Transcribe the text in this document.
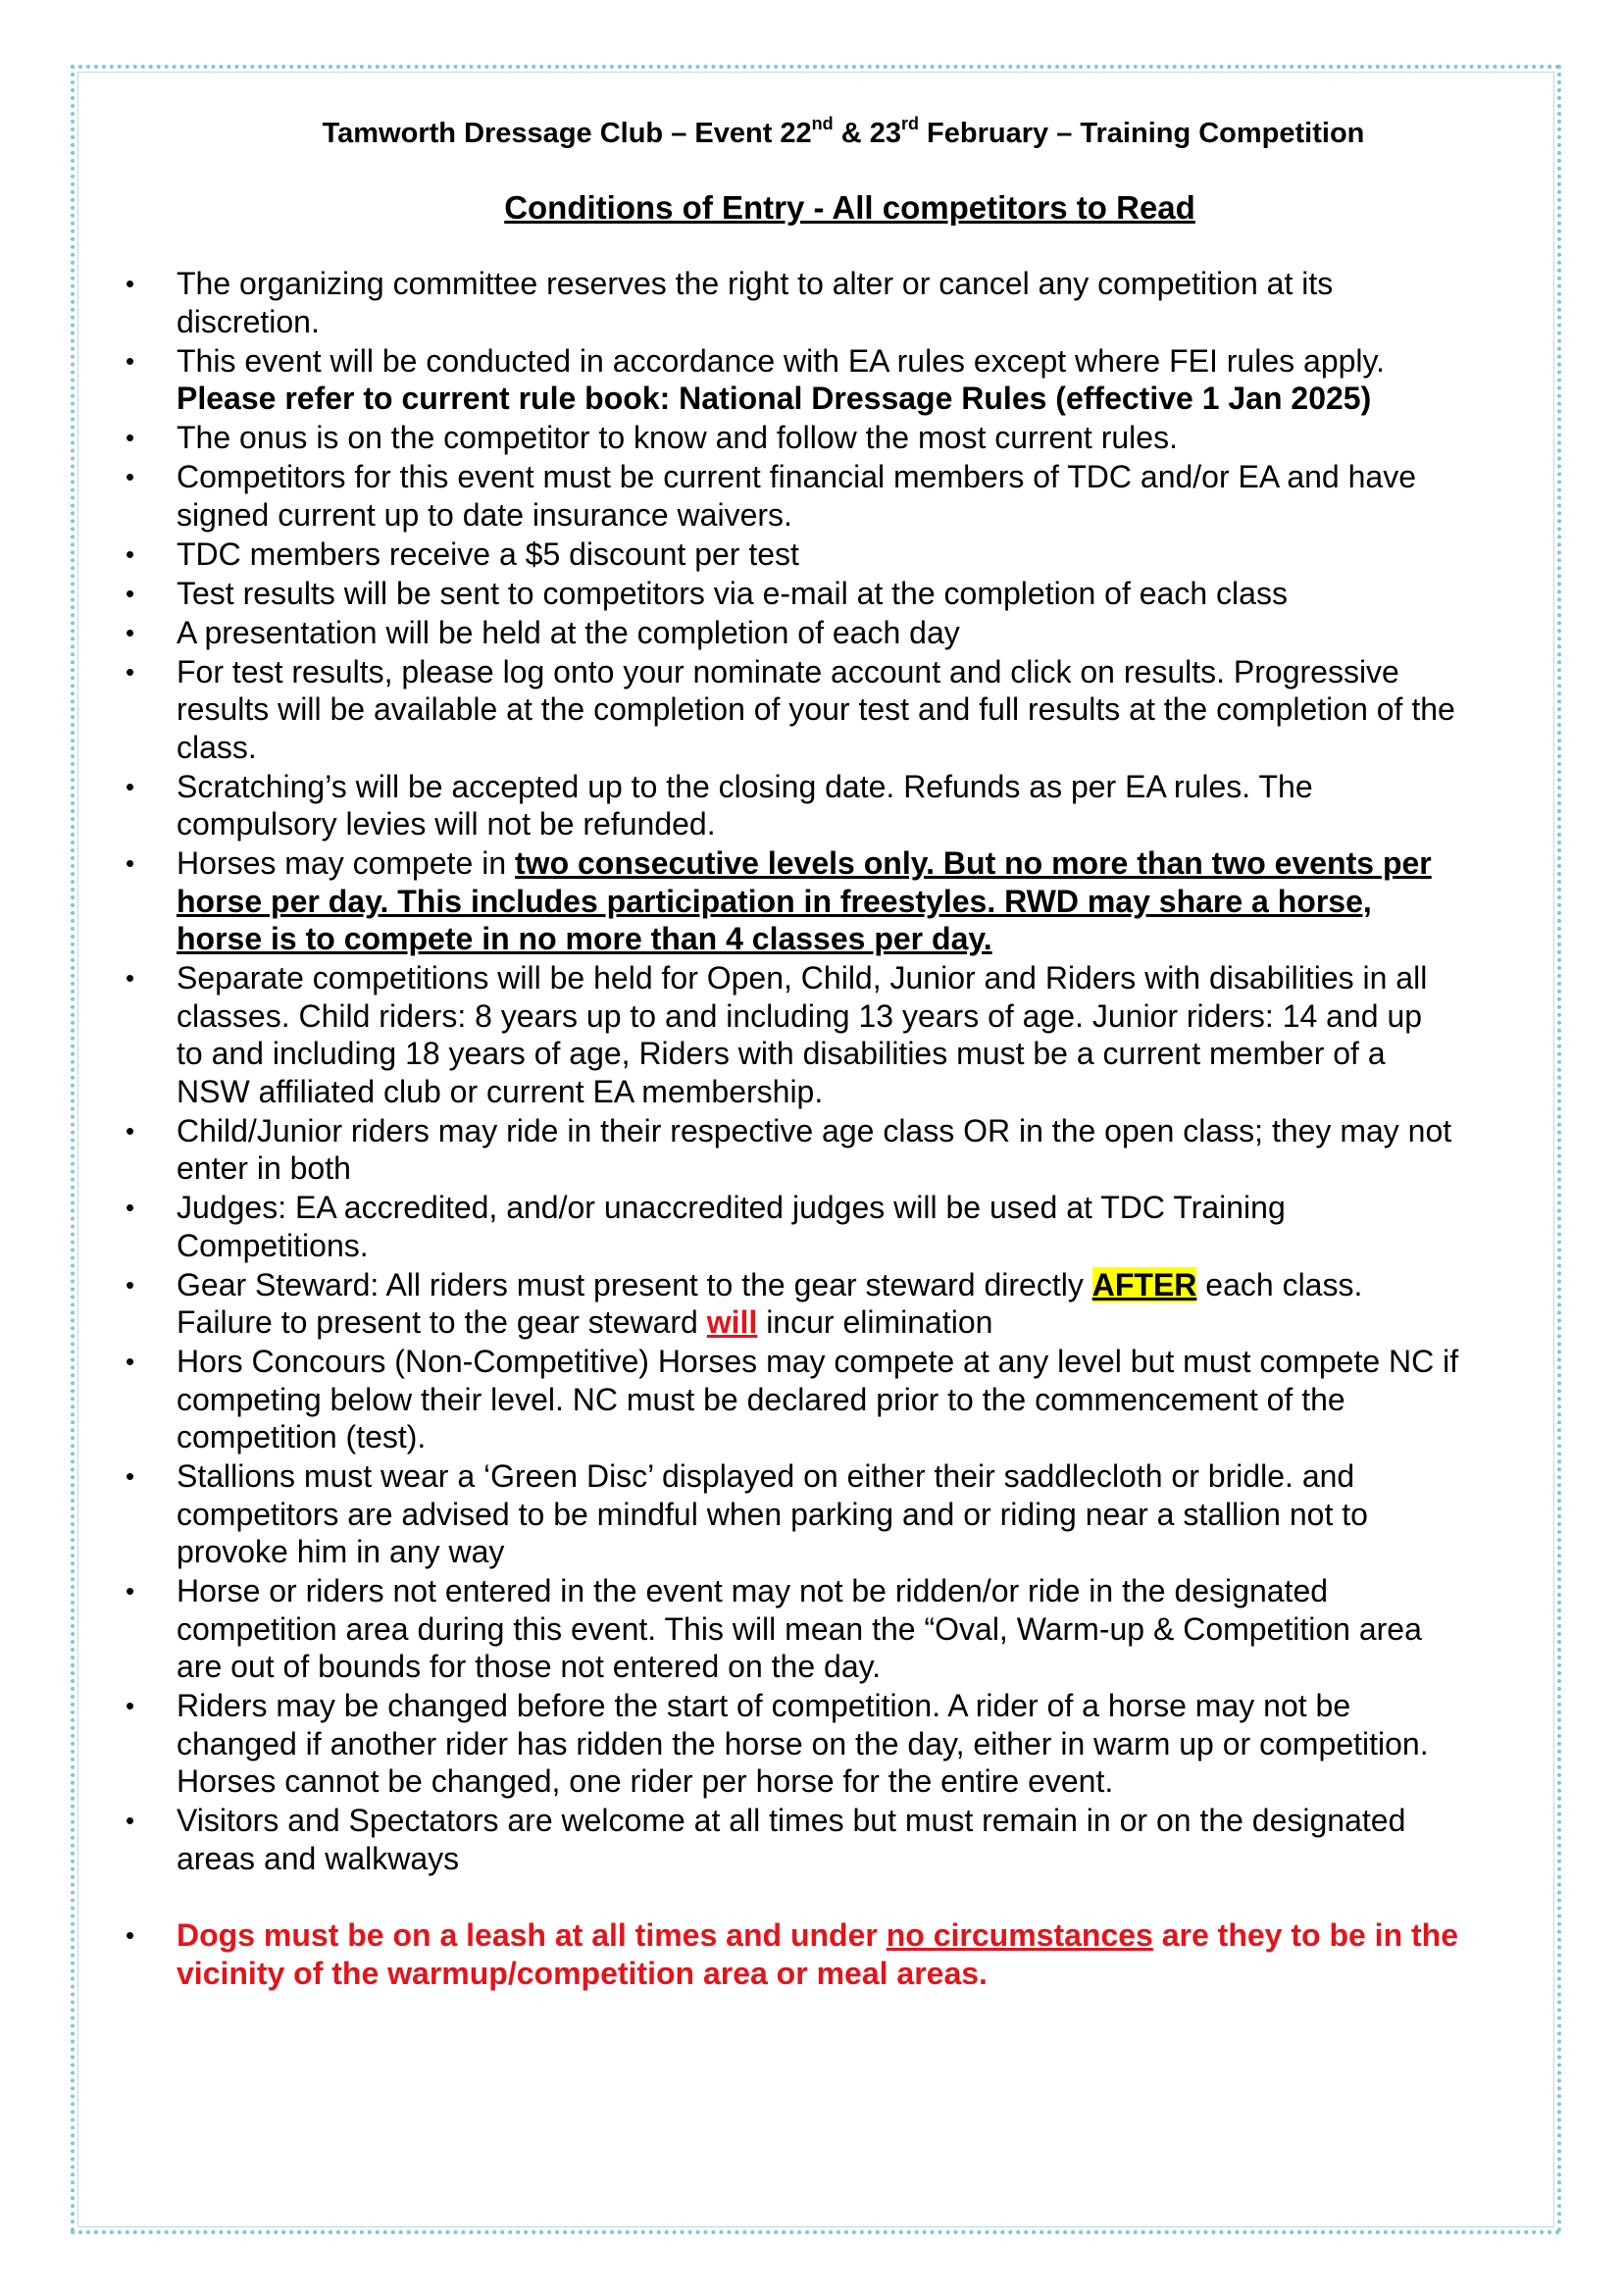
Tamworth Dressage Club – Event 22nd & 23rd February – Training Competition
Conditions of Entry - All competitors to Read
• The organizing committee reserves the right to alter or cancel any competition at its
discretion.
• This event will be conducted in accordance with EA rules except where FEI rules apply.
Please refer to current rule book: National Dressage Rules (effective 1 Jan 2025)
• The onus is on the competitor to know and follow the most current rules.
• Competitors for this event must be current financial members of TDC and/or EA and have
signed current up to date insurance waivers.
• TDC members receive a $5 discount per test
• Test results will be sent to competitors via e-mail at the completion of each class
• A presentation will be held at the completion of each day
• For test results, please log onto your nominate account and click on results. Progressive
results will be available at the completion of your test and full results at the completion of the
class.
• Scratching’s will be accepted up to the closing date. Refunds as per EA rules. The
compulsory levies will not be refunded.
• Horses may compete in two consecutive levels only. But no more than two events per
horse per day. This includes participation in freestyles. RWD may share a horse,
horse is to compete in no more than 4 classes per day.
• Separate competitions will be held for Open, Child, Junior and Riders with disabilities in all
classes. Child riders: 8 years up to and including 13 years of age. Junior riders: 14 and up
to and including 18 years of age, Riders with disabilities must be a current member of a
NSW affiliated club or current EA membership.
• Child/Junior riders may ride in their respective age class OR in the open class; they may not
enter in both
• Judges: EA accredited, and/or unaccredited judges will be used at TDC Training
Competitions.
• Gear Steward: All riders must present to the gear steward directly AFTER each class.
Failure to present to the gear steward will incur elimination
• Hors Concours (Non-Competitive) Horses may compete at any level but must compete NC if
competing below their level. NC must be declared prior to the commencement of the
competition (test).
• Stallions must wear a ‘Green Disc’ displayed on either their saddlecloth or bridle. and
competitors are advised to be mindful when parking and or riding near a stallion not to
provoke him in any way
• Horse or riders not entered in the event may not be ridden/or ride in the designated
competition area during this event. This will mean the “Oval, Warm-up & Competition area
are out of bounds for those not entered on the day.
• Riders may be changed before the start of competition. A rider of a horse may not be
changed if another rider has ridden the horse on the day, either in warm up or competition.
Horses cannot be changed, one rider per horse for the entire event.
• Visitors and Spectators are welcome at all times but must remain in or on the designated
areas and walkways
• Dogs must be on a leash at all times and under no circumstances are they to be in the
vicinity of the warmup/competition area or meal areas.
